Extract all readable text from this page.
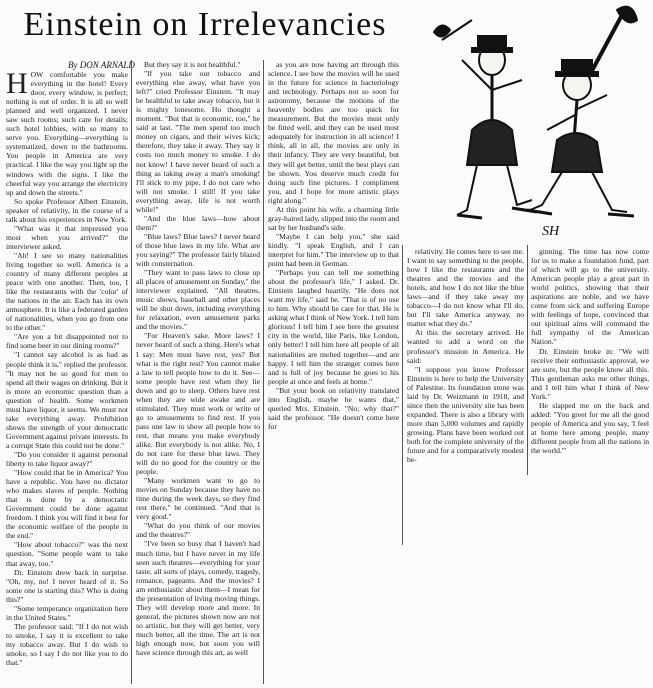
Einstein on Irrelevancies
By DON ARNALD
SH

HOW comfortable you make everything in the hotel! Every door, every window, is perfect; nothing is out of order. It is all so well planned and well organized. I never saw such rooms; such care for details; such hotel lobbies, with so many to serve you. Everything—everything is systematized, down to the bathrooms. You people in America are very practical. I like the way you light up the windows with the signs. I like the cheerful way you arrange the electricity up and down the streets."

So spoke Professor Albert Einstein, speaker of relativity, in the course of a talk about his experiences in New York.

"What was it that impressed you most when you arrived?" the interviewer asked.

"Ah! I see so many nationalities living together so well. America is a country of many different peoples at peace with one another. Then, too, I like the restaurants with the 'color' of the nations in the air. Each has its own atmosphere. It is like a federated garden of nationalities, when you go from one to the other."

"Are you a bit disappointed not to find some beer in our dining rooms?"

"I cannot say alcohol is as bad as people think it is," replied the professor. "It may not be so good for men to spend all their wages on drinking. But it is more an economic question than a question of health. Some workmen must have liquor, it seems. We must not take everything away. Prohibition shows the strength of your democratic Government against private interests. In a corrupt State this could not be done."

"Do you consider it against personal liberty to take liquor away?"

"How could that be in America? You have a republic. You have no dictator who makes slaves of people. Nothing that is done by a democratic Government could be done against freedom. I think you will find it best for the economic welfare of the people in the end."

"How about tobacco?" was the next question. "Some people want to take that away, too."

Dr. Einstein drew back in surprise. "Oh, my, no! I never heard of it. So some one is starting this? Who is doing this?"

"Some temperance organization here in the United States."

The professor said: "If I do not wish to smoke, I say it is excellent to take my tobacco away. But I do wish to smoke, so I say I do not like you to do that."

But they say it is not healthful."

"If you take our tobacco and everything else away, what have you left?" cried Professor Einstein. "It may be healthful to take away tobacco, but it is mighty lonesome. Ho thought a moment. "But that is economic, too," he said at last. "The men spend too much money on cigars, and their wives kick; therefore, they take it away. They say it costs too much money to smoke. I do not know! I have never heard of such a thing as taking away a man's smoking! I'll stick to my pipe. I do not care who will not smoke. I still! If you take everything away, life is not worth while!"

"And the blue laws—how about them?"

"Blue laws? Blue laws? I never heard of those blue laws in my life. What are you saying?" The professor fairly blazed with consternation.

"They want to pass laws to close up all places of amusement on Sunday," the interviewer explained. "All theatres, music shows, baseball and other places will be shut down, including everything for relaxation, even amusement parks and the movies."

"For Heaven's sake. More laws? I never heard of such a thing. Here's what I say: Men must have rest, yes? But what is the right rest? You cannot make a law to tell people how to do it. See—some people have rest when they lie down and go to sleep. Others have rest when they are wide awake and are stimulated. They must work or write or go to amusements to find rest. If you pass one law to show all people how to rest, that means you make everybody alike. But everybody is not alike. No, I do not care for these blue laws. They will do no good for the country or the people.

"Many workmen want to go to movies on Sunday because they have no time during the week days, so they find rest there," he continued. "And that is very good."

"What do you think of our movies and the theatres?"

"I've been so busy that I haven't had much time, but I have never in my life seen such theatres—everything for your taste, all sorts of plays, comedy, tragedy, romance, pageants. And the movies? I am enthusiastic about them—I mean for the presentation of living moving things. They will develop more and more. In general, the pictures shown now are not so artistic, but they will get better, very much better, all the time. The art is not high enough now, but soon you will have science through this art, as well

as you are now having art through this science. I see how the movies will be used in the future for science in bacteriology and technology. Perhaps not so soon for astronomy, because the motions of the heavenly bodies are too quick for measurement. But the movies must only be fitted well, and they can be used most adequately for instruction in all science! I think, all in all, the movies are only in their infancy. They are very beautiful, but they will get better, until the best plays can be shown. You deserve much credit for doing such fine pictures. I compliment you, and I hope for more artistic plays right along."

At this point his wife, a charming little gray-haired lady, slipped into the room and sat by her husband's side.

"Maybe I can help you," she said kindly. "I speak English, and I can interpret for him." The interview up to that point had been in German.

"Perhaps you can tell me something about the professor's life," I asked. Dr. Einstein laughed heartily. "He does not want my life," said he. "That is of no use to him. Why should he care for that. He is asking what I think of New York. I tell him glorious! I tell him I see here the greatest city in the world, like Paris, like London, only better! I tell him here all people of all nationalities are melted together—and are happy. I tell him the stranger comes here and is full of joy because he goes to his people at once and feels at home."

"But your book on relativity translated into English, maybe he wants that," queried Mrs. Einstein. "No; why that?" said the professor. "He doesn't come here for

relativity. He comes here to see me. I want to say something to the people, how I like the restaurants and the theatres and the movies and the hotels, and how I do not like the blue laws—and if they take away my tobacco—I do not know what I'll do, but I'll take America anyway, no matter what they do."

At this the secretary arrived. He wanted to add a word on the professor's mission in America. He said:

"I suppose you know Professor Einstein is here to help the University of Palestine. Its foundation stone was laid by Dr. Weizmann in 1918, and since then the university site has been expanded. There is also a library with more than 5,000 volumes and rapidly growing. Plans have been worked out both for the complete university of the future and for a comparatively modest be-

ginning. The time has now come for us to make a foundation fund, part of which will go to the university. American people play a great part in world politics, showing that their aspirations are noble, and we have come from sick and suffering Europe with feelings of hope, convinced that our spiritual aims will command the full sympathy of the American Nation."

Dr. Einstein broke in: "We will receive their enthusiastic approval, we are sure, but the people know all this. This gentleman asks me other things, and I tell him what I think of New York."

He slapped me on the back and added: "You greet for me all the good people of America and you say, 'I feel at home here among people, many different people from all the nations in the world.'"
